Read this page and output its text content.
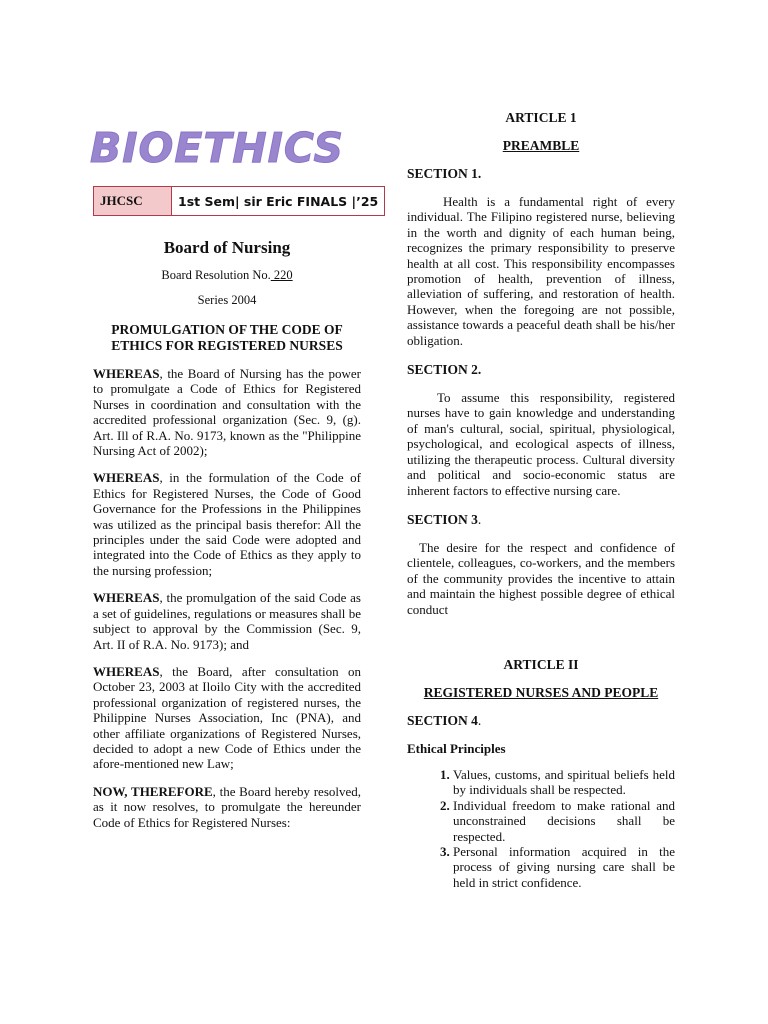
BIOETHICS
JHCSC	1st Sem| sir Eric FINALS |’25
Board of Nursing
Board Resolution No. 220
Series 2004
PROMULGATION OF THE CODE OF ETHICS FOR REGISTERED NURSES
WHEREAS, the Board of Nursing has the power to promulgate a Code of Ethics for Registered Nurses in coordination and consultation with the accredited professional organization (Sec. 9, (g). Art. Ill of R.A. No. 9173, known as the "Philippine Nursing Act of 2002);
WHEREAS, in the formulation of the Code of Ethics for Registered Nurses, the Code of Good Governance for the Professions in the Philippines was utilized as the principal basis therefor: All the principles under the said Code were adopted and integrated into the Code of Ethics as they apply to the nursing profession;
WHEREAS, the promulgation of the said Code as a set of guidelines, regulations or measures shall be subject to approval by the Commission (Sec. 9, Art. II of R.A. No. 9173); and
WHEREAS, the Board, after consultation on October 23, 2003 at Iloilo City with the accredited professional organization of registered nurses, the Philippine Nurses Association, Inc (PNA), and other affiliate organizations of Registered Nurses, decided to adopt a new Code of Ethics under the afore-mentioned new Law;
NOW, THEREFORE, the Board hereby resolved, as it now resolves, to promulgate the hereunder Code of Ethics for Registered Nurses:
ARTICLE 1
PREAMBLE
SECTION 1.
Health is a fundamental right of every individual. The Filipino registered nurse, believing in the worth and dignity of each human being, recognizes the primary responsibility to preserve health at all cost. This responsibility encompasses promotion of health, prevention of illness, alleviation of suffering, and restoration of health. However, when the foregoing are not possible, assistance towards a peaceful death shall be his/her obligation.
SECTION 2.
To assume this responsibility, registered nurses have to gain knowledge and understanding of man's cultural, social, spiritual, physiological, psychological, and ecological aspects of illness, utilizing the therapeutic process. Cultural diversity and political and socio-economic status are inherent factors to effective nursing care.
SECTION 3.
The desire for the respect and confidence of clientele, colleagues, co-workers, and the members of the community provides the incentive to attain and maintain the highest possible degree of ethical conduct
ARTICLE II
REGISTERED NURSES AND PEOPLE
SECTION 4.
Ethical Principles
1. Values, customs, and spiritual beliefs held by individuals shall be respected.
2. Individual freedom to make rational and unconstrained decisions shall be respected.
3. Personal information acquired in the process of giving nursing care shall be held in strict confidence.
